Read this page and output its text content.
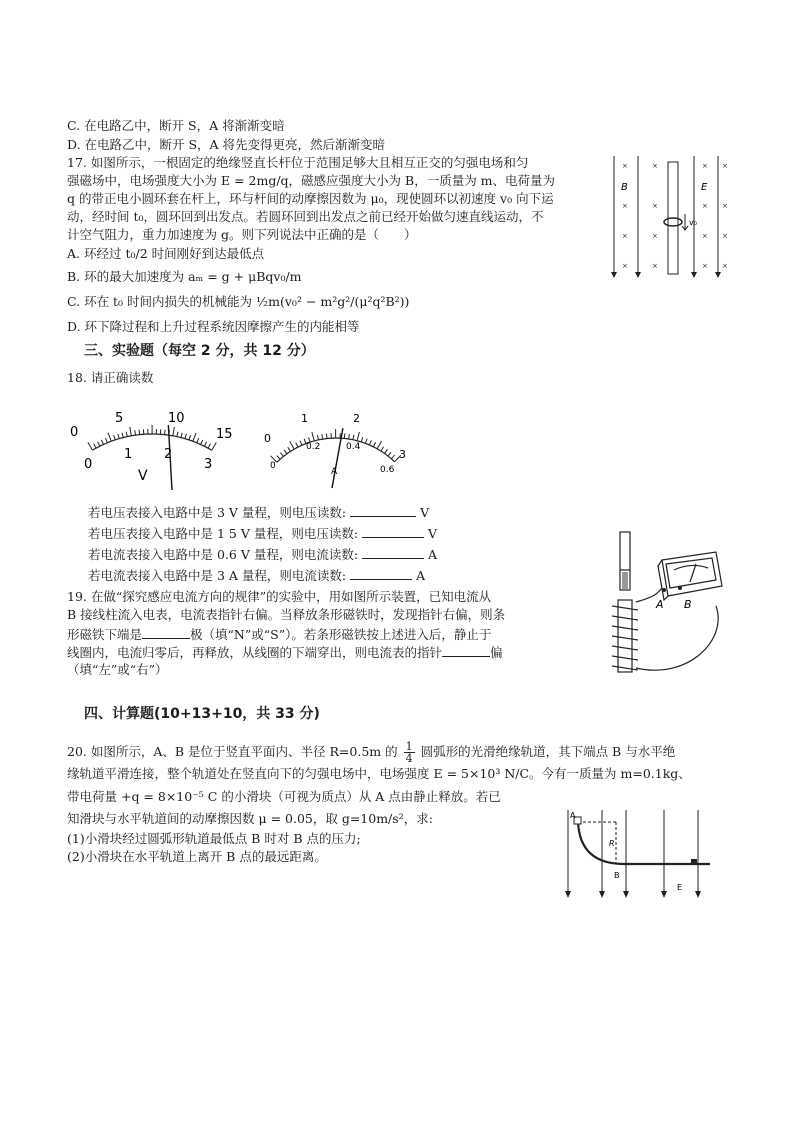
C. 在电路乙中，断开 S，A 将渐渐变暗
D. 在电路乙中，断开 S，A 将先变得更亮，然后渐渐变暗
17. 如图所示，一根固定的绝缘竖直长杆位于范围足够大且相互正交的匀强电场和匀
强磁场中，电场强度大小为 E = 2mg/q，磁感应强度大小为 B，一质量为 m、电荷量为
q 的带正电小圆环套在杆上，环与杆间的动摩擦因数为 μ₀，现使圆环以初速度 v₀ 向下运
动，经时间 t₀，圆环回到出发点。若圆环回到出发点之前已经开始做匀速直线运动，不
计空气阻力，重力加速度为 g。则下列说法中正确的是（　　）
A. 环经过 t₀/2 时间刚好到达最低点
B. 环的最大加速度为 aₘ = g + μBqv₀/m
C. 环在 t₀ 时间内损失的机械能为 ½m(v₀² − m²g²/(μ²q²B²))
D. 环下降过程和上升过程系统因摩擦产生的内能相等
×	×	× ×
×	×	× ×
×	×	× ×
×	×	× ×
B	E
v₀
三、实验题（每空 2 分，共 12 分）
18. 请正确读数
0
5	10
15
0
1 2
3
V
0
1	2
3
0
0.2	0.4
0.6
A
若电压表接入电路中是 3 V 量程，则电压读数:	V
若电压表接入电路中是 1 5 V 量程，则电压读数:	V
若电流表接入电路中是 0.6 V 量程，则电流读数:	A
若电流表接入电路中是 3 A 量程，则电流读数:	A
19. 在做“探究感应电流方向的规律”的实验中，用如图所示装置，已知电流从
B 接线柱流入电表，电流表指针右偏。当释放条形磁铁时，发现指针右偏，则条
形磁铁下端是	极（填“N”或“S”）。若条形磁铁按上述进入后，静止于
线圈内，电流归零后，再释放，从线圈的下端穿出，则电流表的指针	偏
（填“左”或“右”）
A B
四、计算题(10+13+10，共 33 分)
20. 如图所示，A、B 是位于竖直平面内、半径 R=0.5m 的 $\frac{1}{4}$ 圆弧形的光滑绝缘轨道，其下端点 B 与水平绝
缘轨道平滑连接，整个轨道处在竖直向下的匀强电场中，电场强度 E = 5×10³ N/C。今有一质量为 m=0.1kg、
带电荷量 +q = 8×10⁻⁵ C 的小滑块（可视为质点）从 A 点由静止释放。若已
知滑块与水平轨道间的动摩擦因数 μ = 0.05，取 g=10m/s²，求:
(1)小滑块经过圆弧形轨道最低点 B 时对 B 点的压力;
(2)小滑块在水平轨道上离开 B 点的最远距离。
A
R
B
E
